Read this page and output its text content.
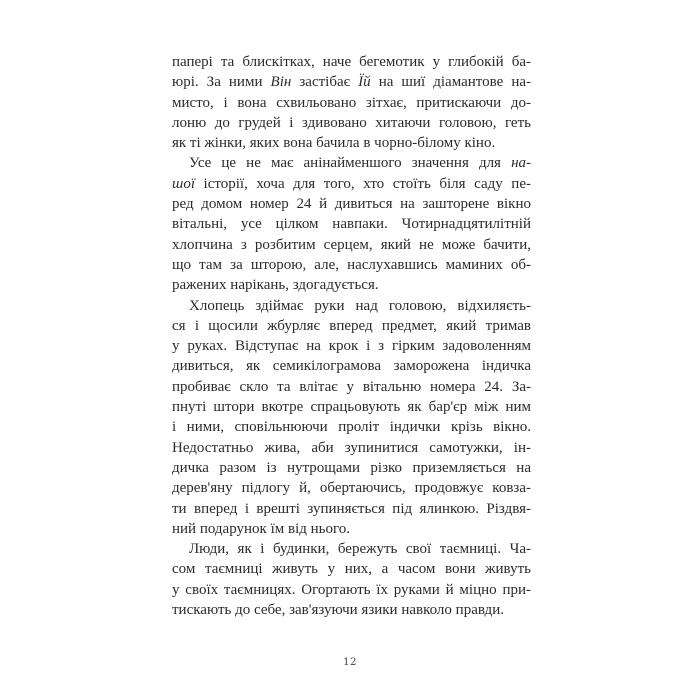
папері та блискітках, наче бегемотик у глибокій ба-
юрі. За ними Він застібає Їй на шиї діамантове на-
мисто, і вона схвильовано зітхає, притискаючи до-
лоню до грудей і здивовано хитаючи головою, геть
як ті жінки, яких вона бачила в чорно-білому кіно.
Усе це не має анінайменшого значення для на-
шої історії, хоча для того, хто стоїть біля саду пе-
ред домом номер 24 й дивиться на зашторене вікно
вітальні, усе цілком навпаки. Чотирнадцятилітній
хлопчина з розбитим серцем, який не може бачити,
що там за шторою, але, наслухавшись маминих об-
ражених нарікань, здогадується.
Хлопець здіймає руки над головою, відхиляєть-
ся і щосили жбурляє вперед предмет, який тримав
у руках. Відступає на крок і з гірким задоволенням
дивиться, як семикілограмова заморожена індичка
пробиває скло та влітає у вітальню номера 24. За-
пнуті штори вкотре спрацьовують як бар'єр між ним
і ними, сповільнюючи проліт індички крізь вікно.
Недостатньо жива, аби зупинитися самотужки, ін-
дичка разом із нутрощами різко приземляється на
дерев'яну підлогу й, обертаючись, продовжує ковза-
ти вперед і врешті зупиняється під ялинкою. Різдвя-
ний подарунок їм від нього.
Люди, як і будинки, бережуть свої таємниці. Ча-
сом таємниці живуть у них, а часом вони живуть
у своїх таємницях. Огортають їх руками й міцно при-
тискають до себе, зав'язуючи язики навколо правди.
12
